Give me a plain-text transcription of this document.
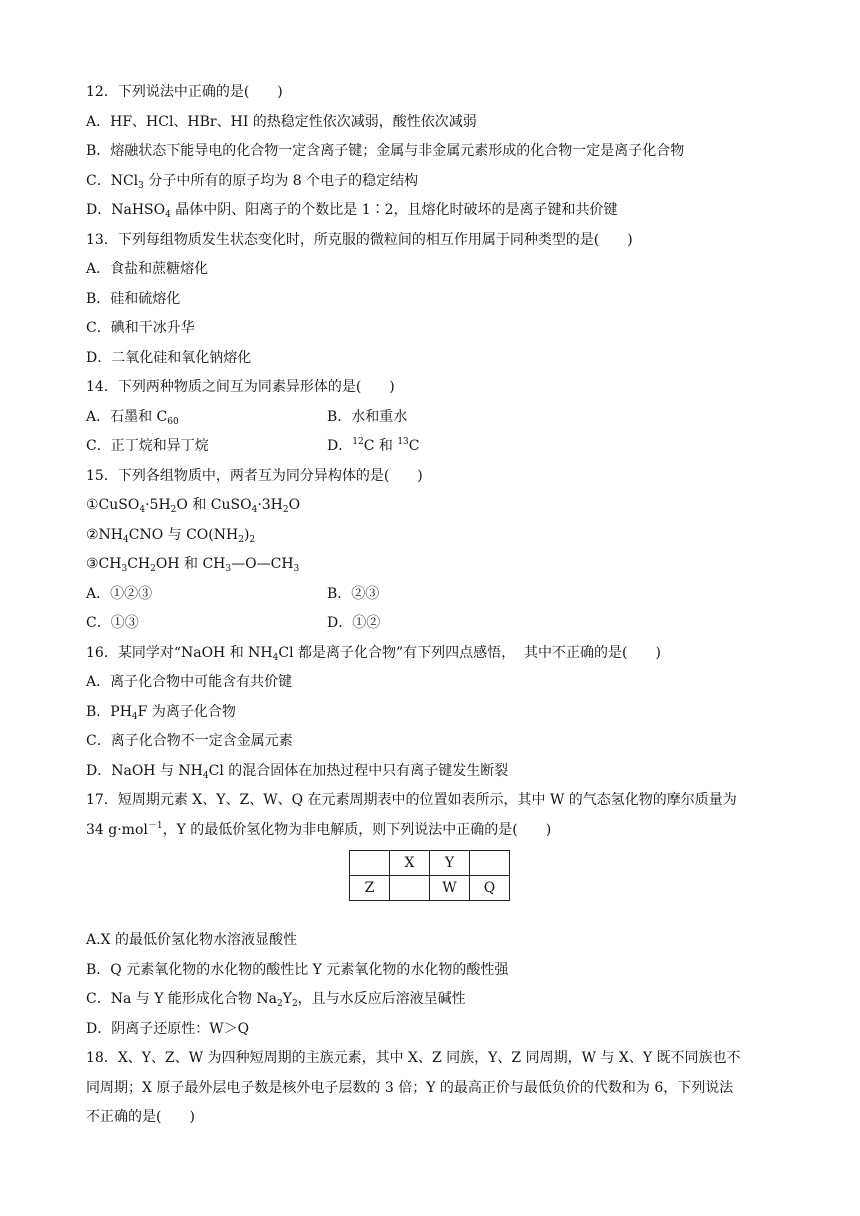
12．下列说法中正确的是(　　)
A．HF、HCl、HBr、HI 的热稳定性依次减弱，酸性依次减弱
B．熔融状态下能导电的化合物一定含离子键；金属与非金属元素形成的化合物一定是离子化合物
C．NCl$_3$ 分子中所有的原子均为 8 个电子的稳定结构
D．NaHSO$_4$ 晶体中阴、阳离子的个数比是 1∶2，且熔化时破坏的是离子键和共价键
13．下列每组物质发生状态变化时，所克服的微粒间的相互作用属于同种类型的是(　　)
A．食盐和蔗糖熔化
B．硅和硫熔化
C．碘和干冰升华
D．二氧化硅和氧化钠熔化
14．下列两种物质之间互为同素异形体的是(　　)
A．石墨和 $C_{60}$	B．水和重水
C．正丁烷和异丁烷	D．$^{12}$C 和 $^{13}$C
15．下列各组物质中，两者互为同分异构体的是(　　)
$①CuSO_4\cdot 5H_2O$ 和 $CuSO_4\cdot 3H_2O$
$②NH_4CNO$ 与 $CO(NH_2)_2$
$③CH_3CH_2OH$ 和 $CH_3—O—CH_3$
A．①②③	B．②③
C．①③	D．①②
16．某同学对“NaOH 和 $NH_4Cl$ 都是离子化合物”有下列四点感悟，  其中不正确的是(　　)
A．离子化合物中可能含有共价键
B．$PH_4F$ 为离子化合物
C．离子化合物不一定含金属元素
D．NaOH 与 $NH_4Cl$ 的混合固体在加热过程中只有离子键发生断裂
17．短周期元素 X、Y、Z、W、Q 在元素周期表中的位置如表所示，其中 W 的气态氢化物的摩尔质量为
34 g·mol$^{-1}$，Y 的最低价氢化物为非电解质，则下列说法中正确的是(　　)
	X	Y	
Z		W	Q
A.X 的最低价氢化物水溶液显酸性
B．Q 元素氧化物的水化物的酸性比 Y 元素氧化物的水化物的酸性强
C．Na 与 Y 能形成化合物 $Na_2Y_2$，且与水反应后溶液呈碱性
D．阴离子还原性：W＞Q
18．X、Y、Z、W 为四种短周期的主族元素，其中 X、Z 同族，Y、Z 同周期，W 与 X、Y 既不同族也不
同周期；X 原子最外层电子数是核外电子层数的 3 倍；Y 的最高正价与最低负价的代数和为 6，下列说法
不正确的是(　　)
